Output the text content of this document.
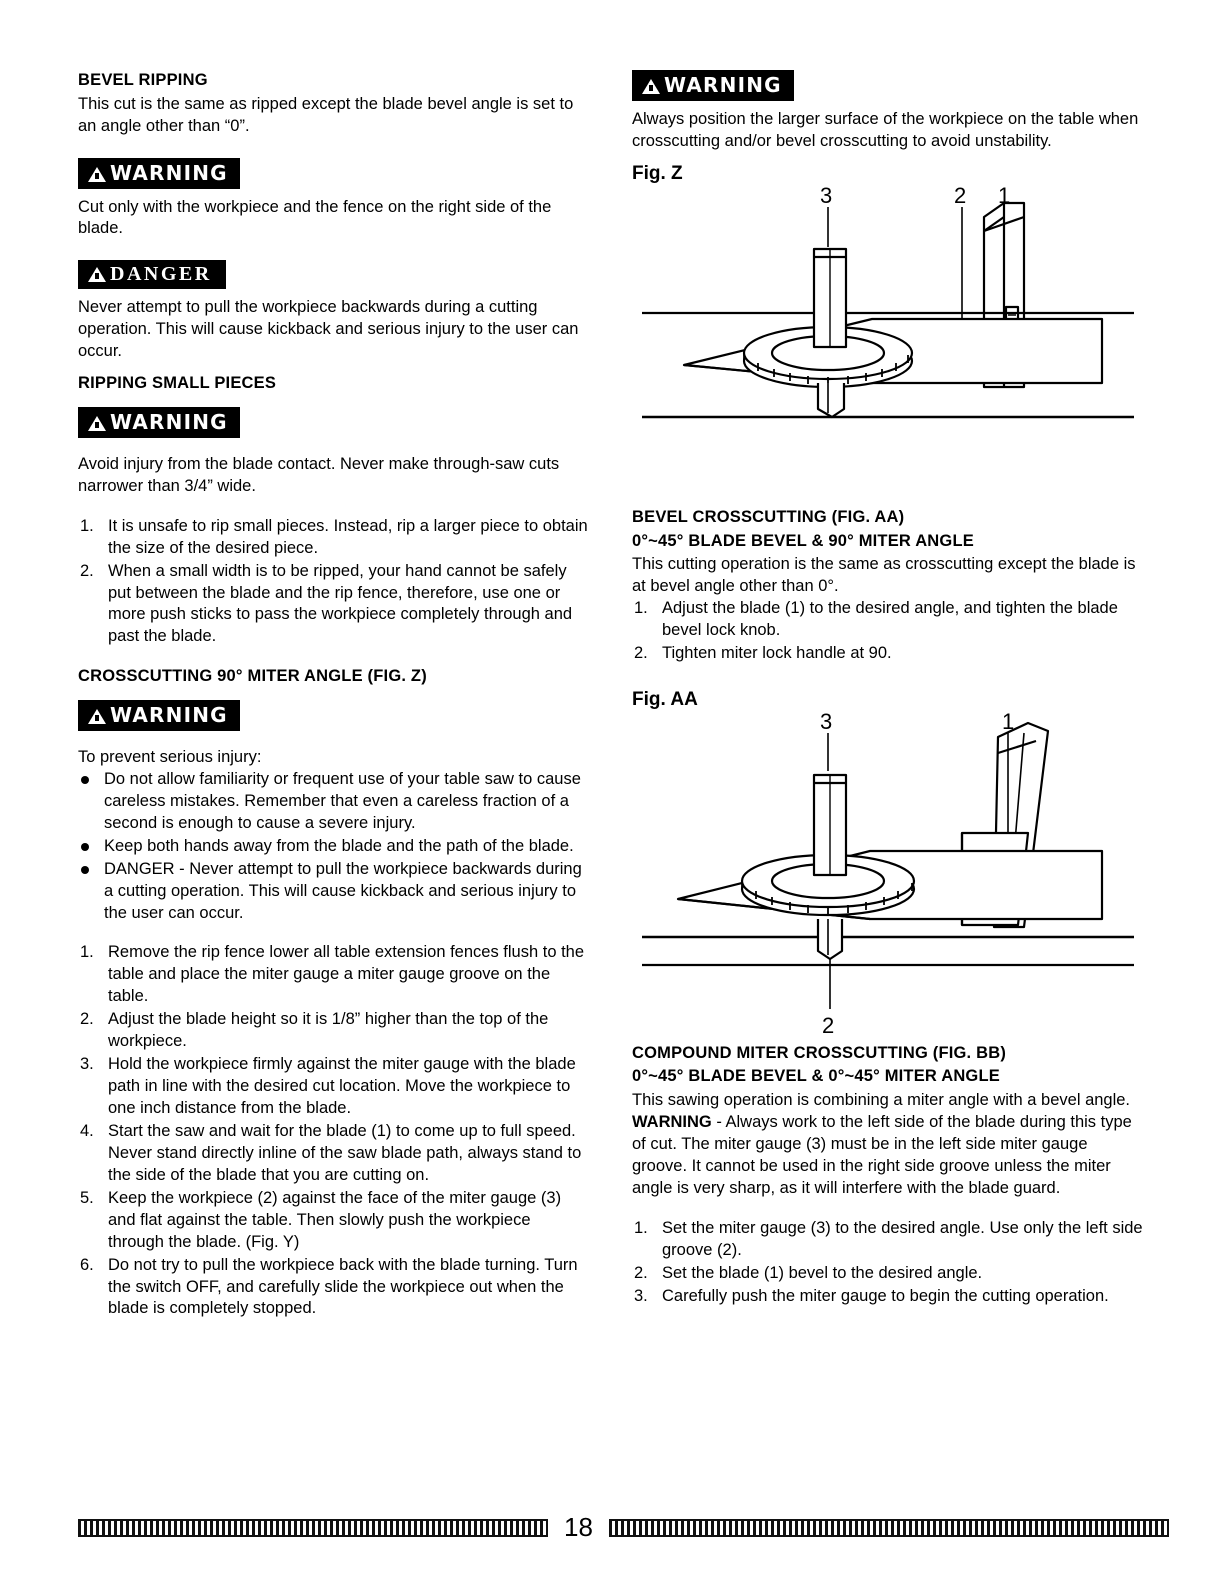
BEVEL RIPPING

This cut is the same as ripped except the blade bevel angle is set to an angle other than “0”.

WARNING

Cut only with the workpiece and the fence on the right side of the blade.

DANGER

Never attempt to pull the workpiece backwards during a cutting operation. This will cause kickback and serious injury to the user can occur.

RIPPING SMALL PIECES
WARNING

Avoid injury from the blade contact. Never make through-saw cuts narrower than 3/4” wide.

1. It is unsafe to rip small pieces. Instead, rip a larger piece to obtain the size of the desired piece.
2. When a small width is to be ripped, your hand cannot be safely put between the blade and the rip fence, therefore, use one or more push sticks to pass the workpiece completely through and past the blade.
CROSSCUTTING 90° MITER ANGLE (FIG. Z)
WARNING

To prevent serious injury:

Do not allow familiarity or frequent use of your table saw to cause careless mistakes. Remember that even a careless fraction of a second is enough to cause a severe injury.
Keep both hands away from the blade and the path of the blade.
DANGER - Never attempt to pull the workpiece backwards during a cutting operation. This will cause kickback and serious injury to the user can occur.
1. Remove the rip fence lower all table extension fences flush to the table and place the miter gauge a miter gauge groove on the table.
2. Adjust the blade height so it is 1/8” higher than the top of the workpiece.
3. Hold the workpiece firmly against the miter gauge with the blade path in line with the desired cut location. Move the workpiece to one inch distance from the blade.
4. Start the saw and wait for the blade (1) to come up to full speed. Never stand directly inline of the saw blade path, always stand to the side of the blade that you are cutting on.
5. Keep the workpiece (2) against the face of the miter gauge (3) and flat against the table. Then slowly push the workpiece through the blade. (Fig. Y)
6. Do not try to pull the workpiece back with the blade turning. Turn the switch OFF, and carefully slide the workpiece out when the blade is completely stopped.
WARNING

Always position the larger surface of the workpiece on the table when crosscutting and/or bevel crosscutting to avoid unstability.

Fig. Z
3	2 1
BEVEL CROSSCUTTING (FIG. AA)
0°~45° BLADE BEVEL & 90° MITER ANGLE

This cutting operation is the same as crosscutting except the blade is at bevel angle other than 0°.

1. Adjust the blade (1) to the desired angle, and tighten the blade bevel lock knob.
2. Tighten miter lock handle at 90.
Fig. AA
3	1
2
COMPOUND MITER CROSSCUTTING (FIG. BB)
0°~45° BLADE BEVEL & 0°~45° MITER ANGLE

This sawing operation is combining a miter angle with a bevel angle.

WARNING - Always work to the left side of the blade during this type of cut. The miter gauge (3) must be in the left side miter gauge groove. It cannot be used in the right side groove unless the miter angle is very sharp, as it will interfere with the blade guard.

1. Set the miter gauge (3) to the desired angle. Use only the left side groove (2).
2. Set the blade (1) bevel to the desired angle.
3. Carefully push the miter gauge to begin the cutting operation.
18
